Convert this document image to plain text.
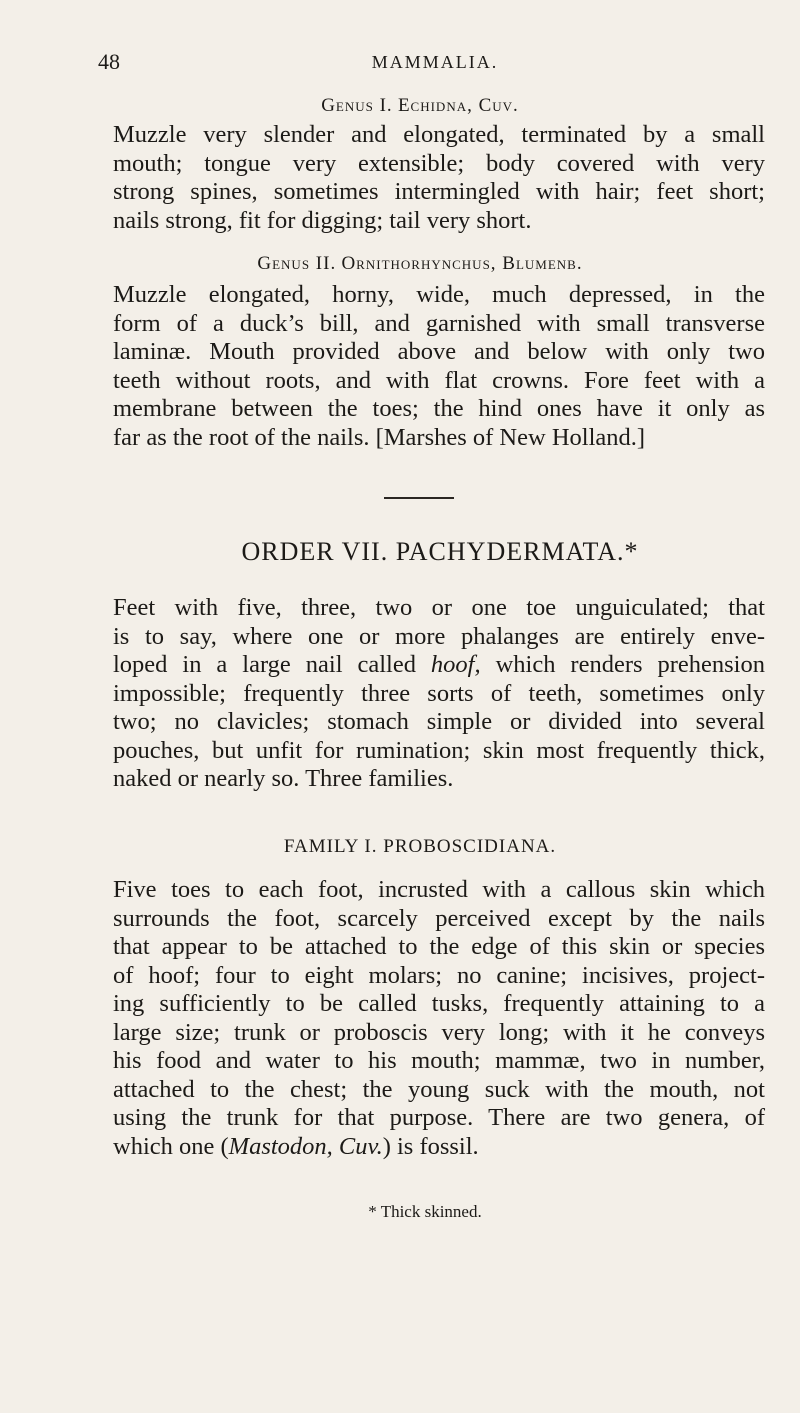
48	MAMMALIA.
Genus I. Echidna, Cuv.

Muzzle very slender and elongated, terminated by a small
mouth; tongue very extensible; body covered with very
strong spines, sometimes intermingled with hair; feet short;
nails strong, fit for digging; tail very short.

Genus II. Ornithorhynchus, Blumenb.

Muzzle elongated, horny, wide, much depressed, in the
form of a duck’s bill, and garnished with small transverse
laminæ. Mouth provided above and below with only two
teeth without roots, and with flat crowns. Fore feet with a
membrane between the toes; the hind ones have it only as
far as the root of the nails. [Marshes of New Holland.]

ORDER VII. PACHYDERMATA.*

Feet with five, three, two or one toe unguiculated; that
is to say, where one or more phalanges are entirely enve-
loped in a large nail called hoof, which renders prehension
impossible; frequently three sorts of teeth, sometimes only
two; no clavicles; stomach simple or divided into several
pouches, but unfit for rumination; skin most frequently thick,
naked or nearly so. Three families.

FAMILY I. PROBOSCIDIANA.

Five toes to each foot, incrusted with a callous skin which
surrounds the foot, scarcely perceived except by the nails
that appear to be attached to the edge of this skin or species
of hoof; four to eight molars; no canine; incisives, project-
ing sufficiently to be called tusks, frequently attaining to a
large size; trunk or proboscis very long; with it he conveys
his food and water to his mouth; mammæ, two in number,
attached to the chest; the young suck with the mouth, not
using the trunk for that purpose. There are two genera, of
which one (Mastodon, Cuv.) is fossil.

* Thick skinned.
